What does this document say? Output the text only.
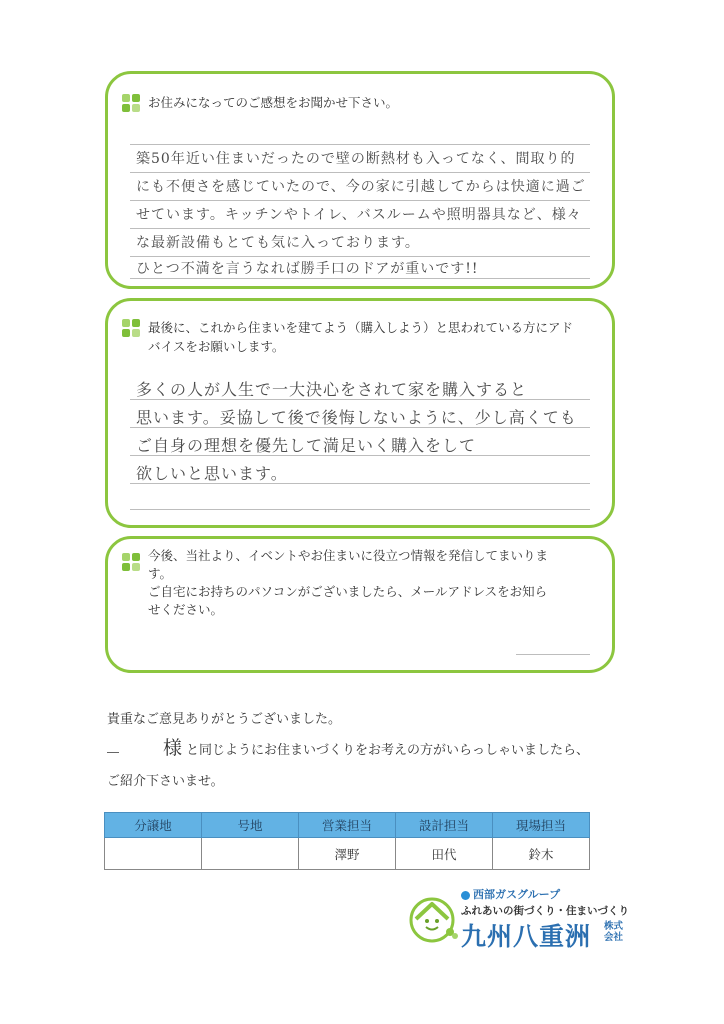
お住みになってのご感想をお聞かせ下さい。
築50年近い住まいだったので壁の断熱材も入ってなく、間取り的
にも不便さを感じていたので、今の家に引越してからは快適に過ご
せています。キッチンやトイレ、バスルームや照明器具など、様々
な最新設備もとても気に入っております。
ひとつ不満を言うなれば勝手口のドアが重いです!!
最後に、これから住まいを建てよう（購入しよう）と思われている方にアド
バイスをお願いします。
多くの人が人生で一大決心をされて家を購入すると
思います。妥協して後で後悔しないように、少し高くても
ご自身の理想を優先して満足いく購入をして
欲しいと思います。
今後、当社より、イベントやお住まいに役立つ情報を発信してまいりま
す。
ご自宅にお持ちのパソコンがございましたら、メールアドレスをお知ら
せください。
貴重なご意見ありがとうございました。
様 と同じようにお住まいづくりをお考えの方がいらっしゃいましたら、
ご紹介下さいませ。
分譲地	号地	営業担当	設計担当	現場担当
		澤野	田代	鈴木
西部ガスグループ
ふれあいの街づくり・住まいづくり
九州八重洲 株式会社
